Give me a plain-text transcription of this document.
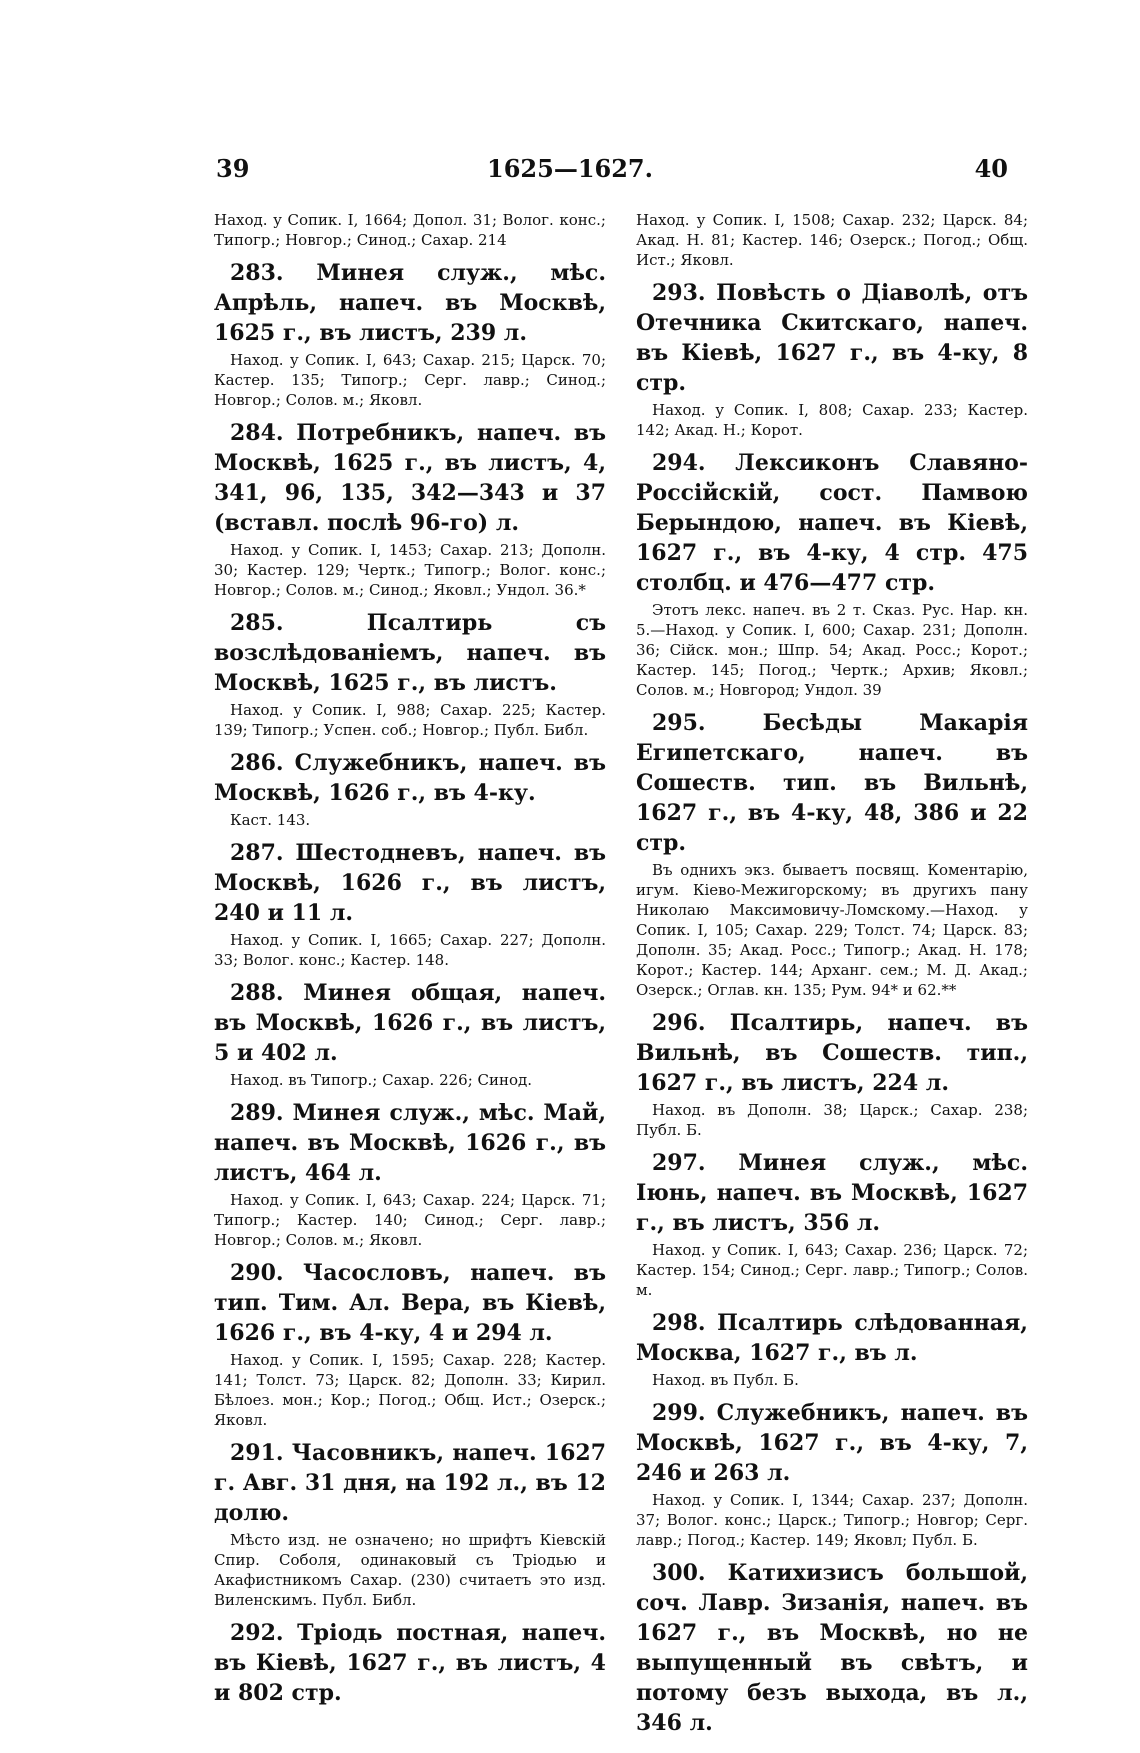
39	1625—1627.	40
Наход. у Сопик. I, 1664; Допол. 31; Волог. конс.; Типогр.; Новгор.; Синод.; Сахар. 214
283. Минея служ., мѣс. Апрѣль, напеч. въ Москвѣ, 1625 г., въ листъ, 239 л.
Наход. у Сопик. I, 643; Сахар. 215; Царск. 70; Кастер. 135; Типогр.; Серг. лавр.; Синод.; Новгор.; Солов. м.; Яковл.
284. Потребникъ, напеч. въ Москвѣ, 1625 г., въ листъ, 4, 341, 96, 135, 342—343 и 37 (вставл. послѣ 96-го) л.
Наход. у Сопик. I, 1453; Сахар. 213; Дополн. 30; Кастер. 129; Чертк.; Типогр.; Волог. конс.; Новгор.; Солов. м.; Синод.; Яковл.; Ундол. 36.*
285.	Псалтирь	съ возслѣдованіемъ, напеч. въ Москвѣ, 1625 г., въ листъ.
Наход. у Сопик. I, 988; Сахар. 225; Кастер. 139; Типогр.; Успен. соб.; Новгор.; Публ. Библ.
286. Служебникъ, напеч. въ Москвѣ, 1626 г., въ 4-ку.
Каст. 143.
287. Шестодневъ, напеч. въ Москвѣ, 1626 г., въ листъ, 240 и 11 л.
Наход. у Сопик. I, 1665; Сахар. 227; Дополн. 33; Волог. конс.; Кастер. 148.
288. Минея общая, напеч. въ Москвѣ, 1626 г., въ листъ, 5 и 402 л.
Наход. въ Типогр.; Сахар. 226; Синод.
289. Минея служ., мѣс. Май, напеч. въ Москвѣ, 1626 г., въ листъ, 464 л.
Наход. у Сопик. I, 643; Сахар. 224; Царск. 71; Типогр.; Кастер. 140; Синод.; Серг. лавр.; Новгор.; Солов. м.; Яковл.
290. Часословъ, напеч. въ тип. Тим. Ал. Вера, въ Кіевѣ, 1626 г., въ 4-ку, 4 и 294 л.
Наход. у Сопик. I, 1595; Сахар. 228; Кастер. 141; Толст. 73; Царск. 82; Дополн. 33; Кирил. Бѣлоез. мон.; Кор.; Погод.; Общ. Ист.; Озерск.; Яковл.
291. Часовникъ, напеч. 1627 г. Авг. 31 дня, на 192 л., въ 12 долю.
Мѣсто изд. не означено; но шрифтъ Кіевскій Спир. Соболя, одинаковый съ Тріодью и Акафистникомъ Сахар. (230) считаетъ это изд. Виленскимъ. Публ. Библ.
292. Тріодь постная, напеч. въ Кіевѣ, 1627 г., въ листъ, 4 и 802 стр.
Наход. у Сопик. I, 1508; Сахар. 232; Царск. 84; Акад. Н. 81; Кастер. 146; Озерск.; Погод.; Общ. Ист.; Яковл.
293. Повѣсть о Діаволѣ, отъ Отечника Скитскаго, напеч. въ Кіевѣ, 1627 г., въ 4-ку, 8 стр.
Наход. у Сопик. I, 808; Сахар. 233; Кастер. 142; Акад. Н.; Корот.
294. Лексиконъ Славяно-Россійскій, сост. Памвою Берындою, напеч. въ Кіевѣ, 1627 г., въ 4-ку, 4 стр. 475 столбц. и 476—477 стр.
Этотъ лекс. напеч. въ 2 т. Сказ. Рус. Нар. кн. 5.—Наход. у Сопик. I, 600; Сахар. 231; Дополн. 36; Сійск. мон.; Шпр. 54; Акад. Росс.; Корот.; Кастер. 145; Погод.; Чертк.; Архив; Яковл.; Солов. м.; Новгород; Ундол. 39
295.	Бесѣды	Макарія Египетскаго, напеч. въ Сошеств. тип. въ Вильнѣ, 1627 г., въ 4-ку, 48, 386 и 22 стр.
Въ однихъ экз. бываетъ посвящ. Коментарію, игум. Кіево-Межигорскому; въ другихъ пану Николаю Максимовичу-Ломскому.—Наход. у Сопик. I, 105; Сахар. 229; Толст. 74; Царск. 83; Дополн. 35; Акад. Росс.; Типогр.; Акад. Н. 178; Корот.; Кастер. 144; Арханг. сем.; М. Д. Акад.; Озерск.; Оглав. кн. 135; Рум. 94* и 62.**
296. Псалтирь, напеч. въ Вильнѣ, въ Сошеств. тип., 1627 г., въ листъ, 224 л.
Наход. въ Дополн. 38; Царск.; Сахар. 238; Публ. Б.
297. Минея служ., мѣс. Іюнь, напеч. въ Москвѣ, 1627 г., въ листъ, 356 л.
Наход. у Сопик. I, 643; Сахар. 236; Царск. 72; Кастер. 154; Синод.; Серг. лавр.; Типогр.; Солов. м.
298. Псалтирь слѣдованная, Москва, 1627 г., въ л.
Наход. въ Публ. Б.
299. Служебникъ, напеч. въ Москвѣ, 1627 г., въ 4-ку, 7, 246 и 263 л.
Наход. у Сопик. I, 1344; Сахар. 237; Дополн. 37; Волог. конс.; Царск.; Типогр.; Новгор; Серг. лавр.; Погод.; Кастер. 149; Яковл; Публ. Б.
300. Катихизисъ большой, соч. Лавр. Зизанія, напеч. въ 1627 г., въ Москвѣ, но не выпущенный въ свѣтъ, и потому безъ выхода, въ л., 346 л.
